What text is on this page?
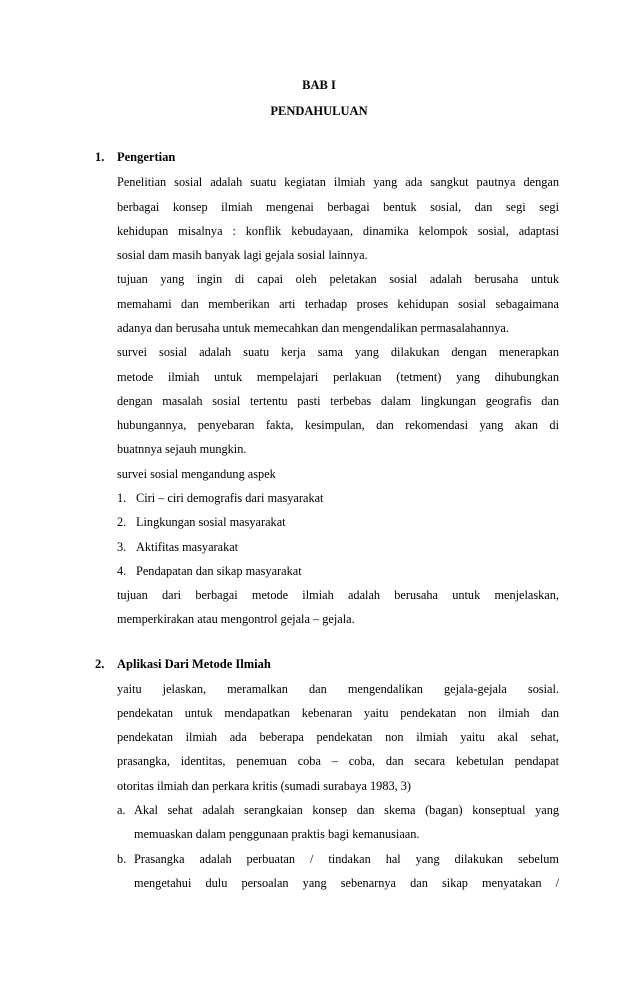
BAB I
PENDAHULUAN
1. Pengertian
Penelitian sosial adalah suatu kegiatan ilmiah yang ada sangkut pautnya dengan
berbagai konsep ilmiah mengenai berbagai bentuk sosial, dan segi segi
kehidupan misalnya : konflik kebudayaan, dinamika kelompok sosial, adaptasi
sosial dam masih banyak lagi gejala sosial lainnya.
tujuan yang ingin di capai oleh peletakan sosial adalah berusaha untuk
memahami dan memberikan arti terhadap proses kehidupan sosial sebagaimana
adanya dan berusaha untuk memecahkan dan mengendalikan permasalahannya.
survei sosial adalah suatu kerja sama yang dilakukan dengan menerapkan
metode ilmiah untuk mempelajari perlakuan (tetment) yang dihubungkan
dengan masalah sosial tertentu pasti terbebas dalam lingkungan geografis dan
hubungannya, penyebaran fakta, kesimpulan, dan rekomendasi yang akan di
buatnnya sejauh mungkin.
survei sosial mengandung aspek
1. Ciri – ciri demografis dari masyarakat
2. Lingkungan sosial masyarakat
3. Aktifitas masyarakat
4. Pendapatan dan sikap masyarakat
tujuan dari berbagai metode ilmiah adalah berusaha untuk menjelaskan,
memperkirakan atau mengontrol gejala – gejala.
2. Aplikasi Dari Metode Ilmiah
yaitu jelaskan, meramalkan dan mengendalikan gejala-gejala sosial.
pendekatan untuk mendapatkan kebenaran yaitu pendekatan non ilmiah dan
pendekatan ilmiah ada beberapa pendekatan non ilmiah yaitu akal sehat,
prasangka, identitas, penemuan coba – coba, dan secara kebetulan pendapat
otoritas ilmiah dan perkara kritis (sumadi surabaya 1983, 3)
a. Akal sehat adalah serangkaian konsep dan skema (bagan) konseptual yang
memuaskan dalam penggunaan praktis bagi kemanusiaan.
b. Prasangka adalah perbuatan / tindakan hal yang dilakukan sebelum
mengetahui dulu persoalan yang sebenarnya dan sikap menyatakan /
